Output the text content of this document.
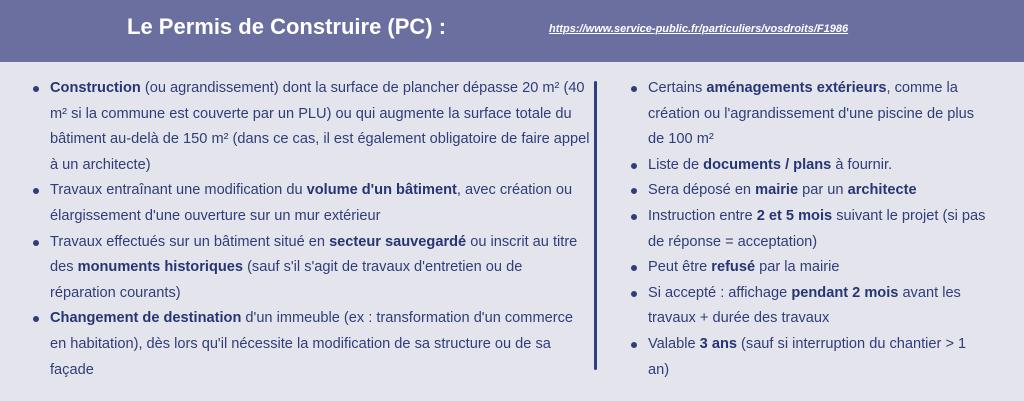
Le Permis de Construire (PC) :	https://www.service-public.fr/particuliers/vosdroits/F1986
Construction (ou agrandissement) dont la surface de plancher dépasse 20 m² (40 m² si la commune est couverte par un PLU) ou qui augmente la surface totale du bâtiment au-delà de 150 m² (dans ce cas, il est également obligatoire de faire appel à un architecte)
Travaux entraînant une modification du volume d'un bâtiment, avec création ou élargissement d'une ouverture sur un mur extérieur
Travaux effectués sur un bâtiment situé en secteur sauvegardé ou inscrit au titre des monuments historiques (sauf s'il s'agit de travaux d'entretien ou de réparation courants)
Changement de destination d'un immeuble (ex : transformation d'un commerce en habitation), dès lors qu'il nécessite la modification de sa structure ou de sa façade
Certains aménagements extérieurs, comme la création ou l'agrandissement d'une piscine de plus de 100 m²
Liste de documents / plans à fournir.
Sera déposé en mairie par un architecte
Instruction entre 2 et 5 mois suivant le projet (si pas de réponse = acceptation)
Peut être refusé par la mairie
Si accepté : affichage pendant 2 mois avant les travaux + durée des travaux
Valable 3 ans (sauf si interruption du chantier > 1 an)
